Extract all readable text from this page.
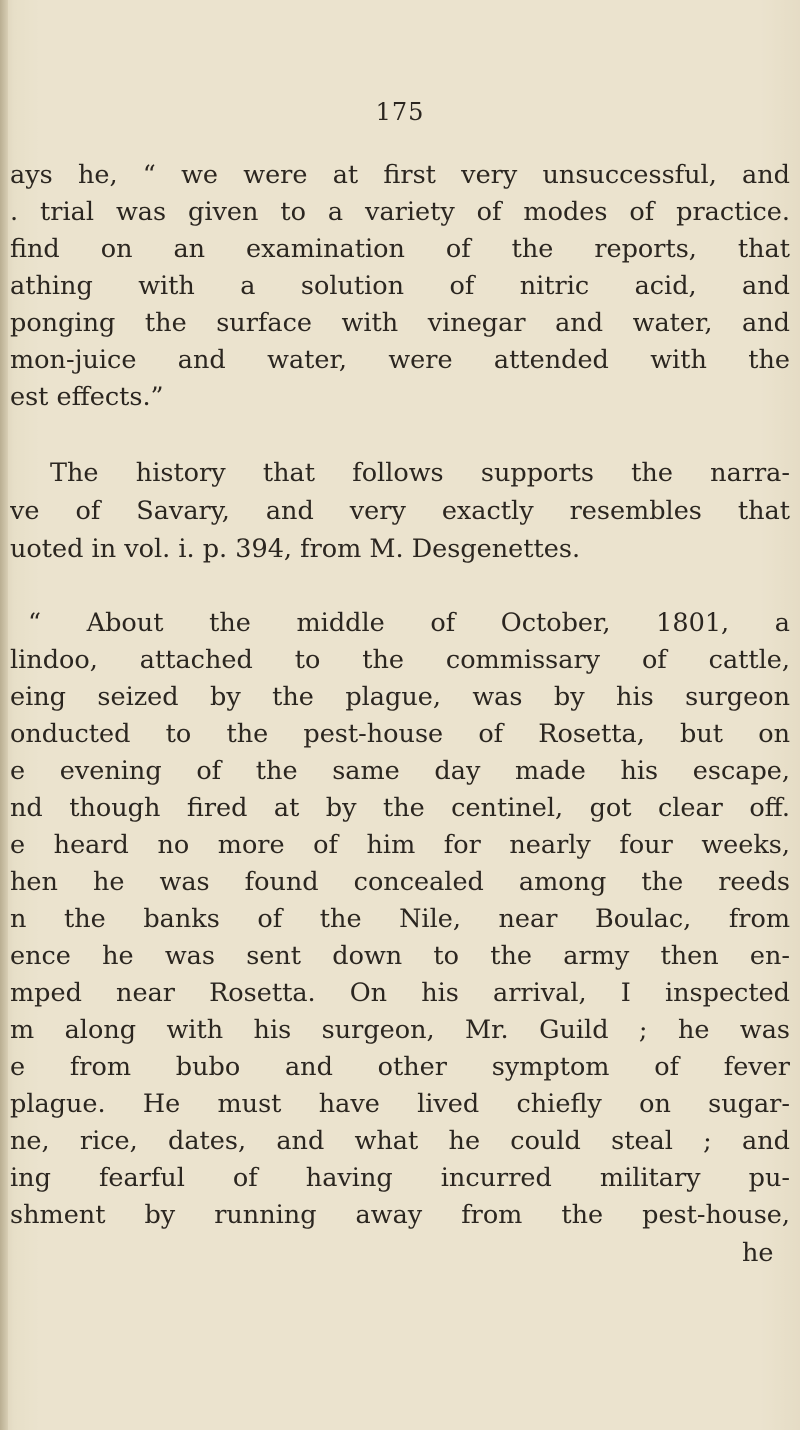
175

ays he, “ we were at first very unsuccessful, and

. trial was given to a variety of modes of practice.

find on an examination of the reports, that

athing with a solution of nitric acid, and

ponging the surface with vinegar and water, and

mon-juice and water, were attended with the

est effects.”

The history that follows supports the narra-

ve of Savary, and very exactly resembles that

uoted in vol. i. p. 394, from M. Desgenettes.

“ About the middle of October, 1801, a

lindoo, attached to the commissary of cattle,

eing seized by the plague, was by his surgeon

onducted to the pest-house of Rosetta, but on

e evening of the same day made his escape,

nd though fired at by the centinel, got clear off.

e heard no more of him for nearly four weeks,

hen he was found concealed among the reeds

n the banks of the Nile, near Boulac, from

ence he was sent down to the army then en-

mped near Rosetta. On his arrival, I inspected

m along with his surgeon, Mr. Guild ; he was

e from bubo and other symptom of fever

plague. He must have lived chiefly on sugar-

ne, rice, dates, and what he could steal ; and

ing fearful of having incurred military pu-

shment by running away from the pest-house,

he
